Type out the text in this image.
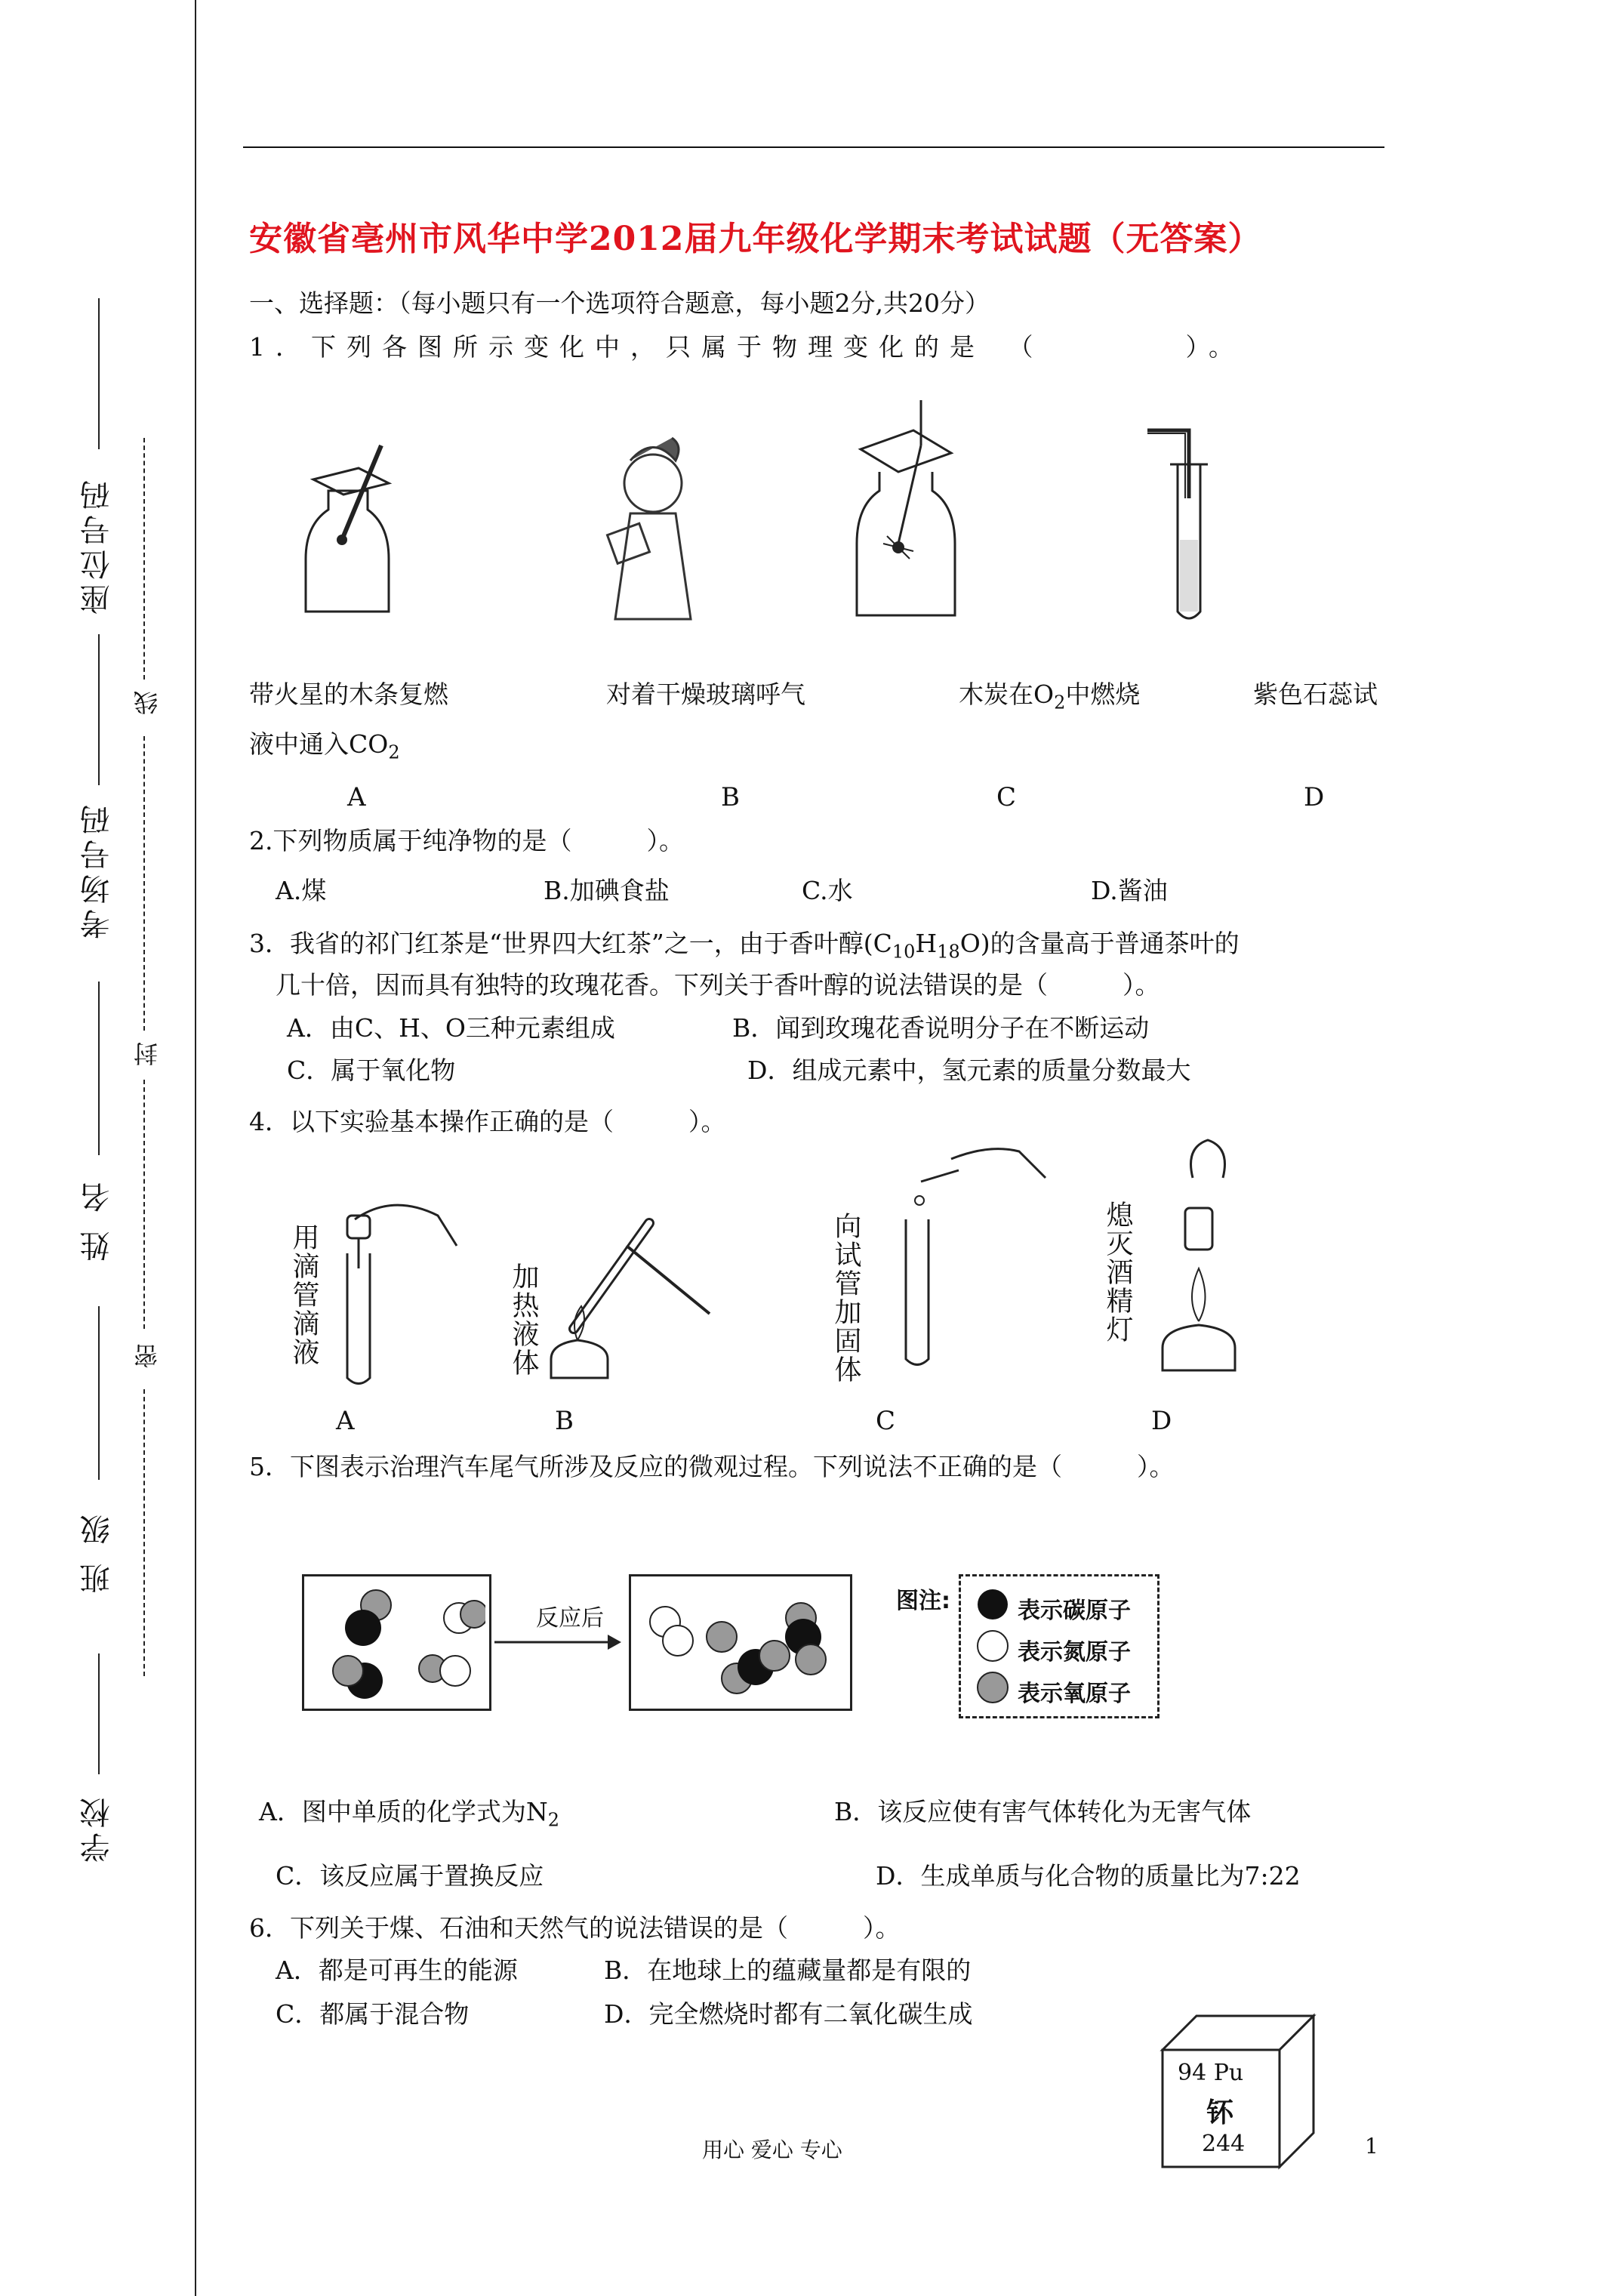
座位号码
考场号码
姓 名
班 级
学校
线
封
密
安徽省亳州市风华中学2012届九年级化学期末考试试题（无答案）
一、选择题：（每小题只有一个选项符合题意，每小题2分,共20分）
1．下列各图所示变化中，只属于物理变化的是　（　　　　）。
带火星的木条复燃	对着干燥玻璃呼气	木炭在$O_2$中燃烧	紫色石蕊试
液中通入$CO_2$
A	B	C	D
2.下列物质属于纯净物的是（　　　）。
A.煤	B.加碘食盐	C.水	D.酱油
3．我省的祁门红茶是“世界四大红茶”之一，由于香叶醇$(C_{10}H_{18}O)$的含量高于普通茶叶的
几十倍，因而具有独特的玫瑰花香。下列关于香叶醇的说法错误的是（　　　）。
A．由C、H、O三种元素组成	B．闻到玫瑰花香说明分子在不断运动
C．属于氧化物	D．组成元素中，氢元素的质量分数最大
4．以下实验基本操作正确的是（　　　）。
用滴管滴液	加热液体	向试管加固体	熄灭酒精灯
A	B	C	D
5．下图表示治理汽车尾气所涉及反应的微观过程。下列说法不正确的是（　　　）。
反应后
图注:	表示碳原子
表示氮原子
表示氧原子
A．图中单质的化学式为$N_2$	B．该反应使有害气体转化为无害气体
C．该反应属于置换反应	D．生成单质与化合物的质量比为7:22
6．下列关于煤、石油和天然气的说法错误的是（　　　）。
A．都是可再生的能源	B．在地球上的蕴藏量都是有限的
C．都属于混合物	D．完全燃烧时都有二氧化碳生成
94 Pu
钚
244
用心 爱心 专心	1
